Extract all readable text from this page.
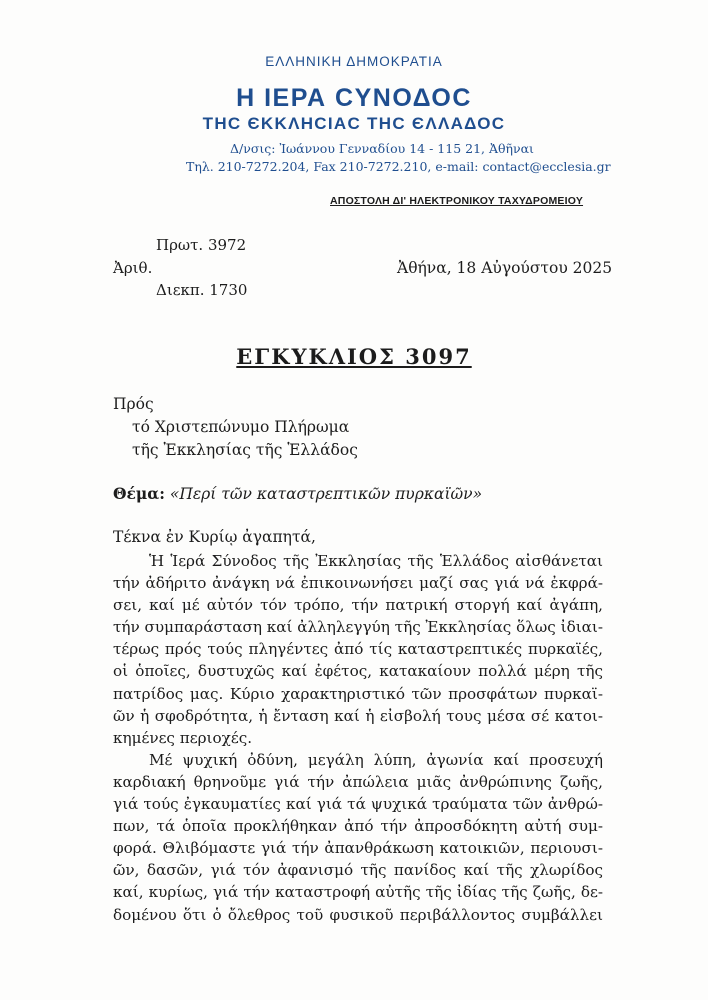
ΕΛΛΗΝΙΚΗ ΔΗΜΟΚΡΑΤΙΑ
Η ΙΕΡΑ ϹΥΝΟΔΟϹ
ΤΗϹ ЄΚΚΛΗϹΙΑϹ ΤΗϹ ЄΛΛΑΔΟϹ
Δ/νσις: Ἰωάννου Γενναδίου 14 - 115 21, Ἀθῆναι
Τηλ. 210-7272.204, Fax 210-7272.210, e-mail: contact@ecclesia.gr
ΑΠΟΣΤΟΛΗ ΔΙ' ΗΛΕΚΤΡΟΝΙΚΟΥ ΤΑΧΥΔΡΟΜΕΙΟΥ
Πρωτ. 3972
Ἀριθ.
Διεκπ. 1730
Ἀθήνα, 18 Αὐγούστου 2025
ΕΓΚΥΚΛΙΟΣ 3097
Πρός
τό Χριστεπώνυμο Πλήρωμα
τῆς Ἐκκλησίας τῆς Ἑλλάδος
Θέμα: «Περί τῶν καταστρεπτικῶν πυρκαϊῶν»
Τέκνα ἐν Κυρίῳ ἀγαπητά,
Ἡ Ἱερά Σύνοδος τῆς Ἐκκλησίας τῆς Ἑλλάδος αἰσθάνεται
τήν ἀδήριτο ἀνάγκη νά ἐπικοινωνήσει μαζί σας γιά νά ἐκφρά-
σει, καί μέ αὐτόν τόν τρόπο, τήν πατρική στοργή καί ἀγάπη,
τήν συμπαράσταση καί ἀλληλεγγύη τῆς Ἐκκλησίας ὅλως ἰδιαι-
τέρως πρός τούς πληγέντες ἀπό τίς καταστρεπτικές πυρκαϊές,
οἱ ὁποῖες, δυστυχῶς καί ἐφέτος, κατακαίουν πολλά μέρη τῆς
πατρίδος μας. Κύριο χαρακτηριστικό τῶν προσφάτων πυρκαϊ-
ῶν ἡ σφοδρότητα, ἡ ἔνταση καί ἡ εἰσβολή τους μέσα σέ κατοι-
κημένες περιοχές.
Μέ ψυχική ὀδύνη, μεγάλη λύπη, ἀγωνία καί προσευχή
καρδιακή θρηνοῦμε γιά τήν ἀπώλεια μιᾶς ἀνθρώπινης ζωῆς,
γιά τούς ἐγκαυματίες καί γιά τά ψυχικά τραύματα τῶν ἀνθρώ-
πων, τά ὁποῖα προκλήθηκαν ἀπό τήν ἀπροσδόκητη αὐτή συμ-
φορά. Θλιβόμαστε γιά τήν ἀπανθράκωση κατοικιῶν, περιουσι-
ῶν, δασῶν, γιά τόν ἀφανισμό τῆς πανίδος καί τῆς χλωρίδος
καί, κυρίως, γιά τήν καταστροφή αὐτῆς τῆς ἰδίας τῆς ζωῆς, δε-
δομένου ὅτι ὁ ὄλεθρος τοῦ φυσικοῦ περιβάλλοντος συμβάλλει
